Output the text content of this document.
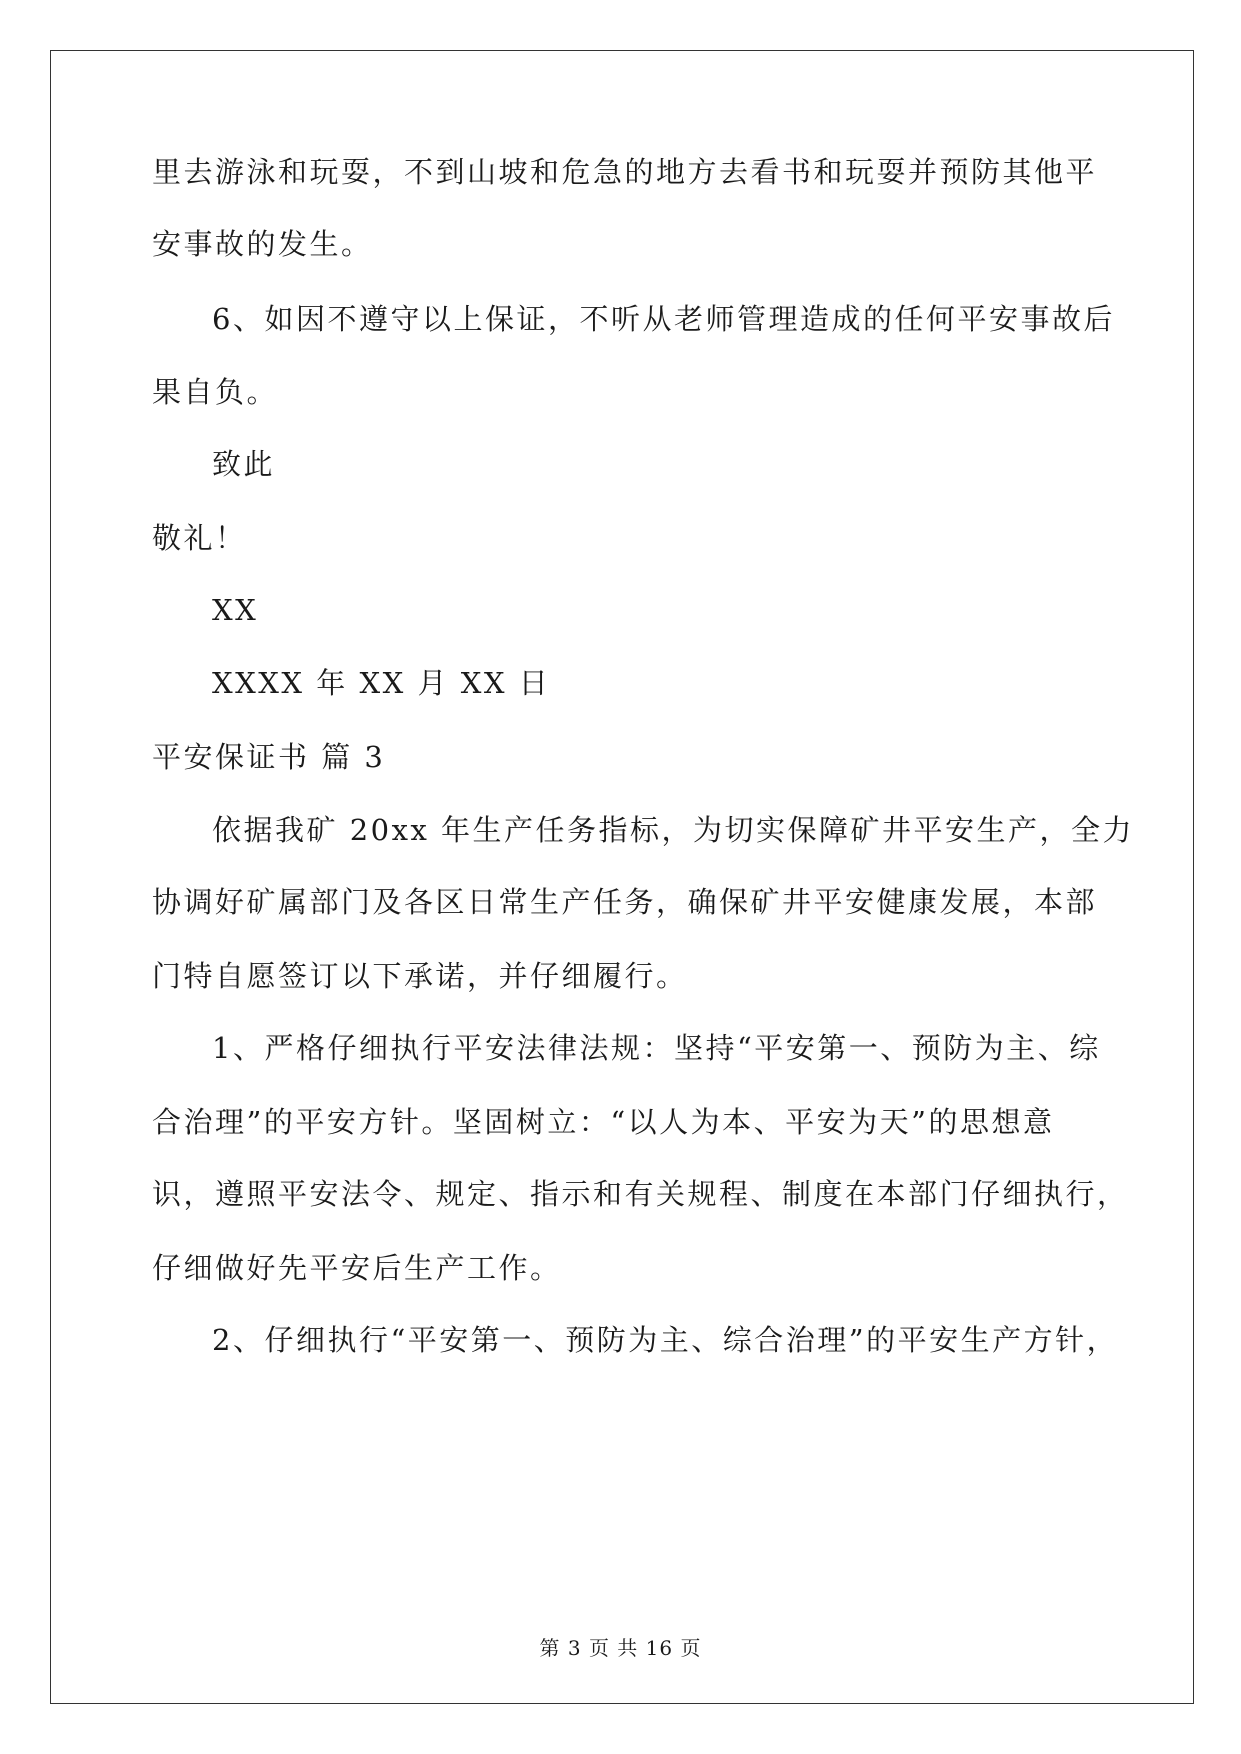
里去游泳和玩耍，不到山坡和危急的地方去看书和玩耍并预防其他平
安事故的发生。
6、如因不遵守以上保证，不听从老师管理造成的任何平安事故后
果自负。
致此
敬礼！
XX
XXXX 年 XX 月 XX 日
平安保证书 篇 3
依据我矿 20xx 年生产任务指标，为切实保障矿井平安生产，全力
协调好矿属部门及各区日常生产任务，确保矿井平安健康发展，本部
门特自愿签订以下承诺，并仔细履行。
1、严格仔细执行平安法律法规：坚持“平安第一、预防为主、综
合治理”的平安方针。坚固树立：“以人为本、平安为天”的思想意
识，遵照平安法令、规定、指示和有关规程、制度在本部门仔细执行，
仔细做好先平安后生产工作。
2、仔细执行“平安第一、预防为主、综合治理”的平安生产方针，
第 3 页 共 16 页
